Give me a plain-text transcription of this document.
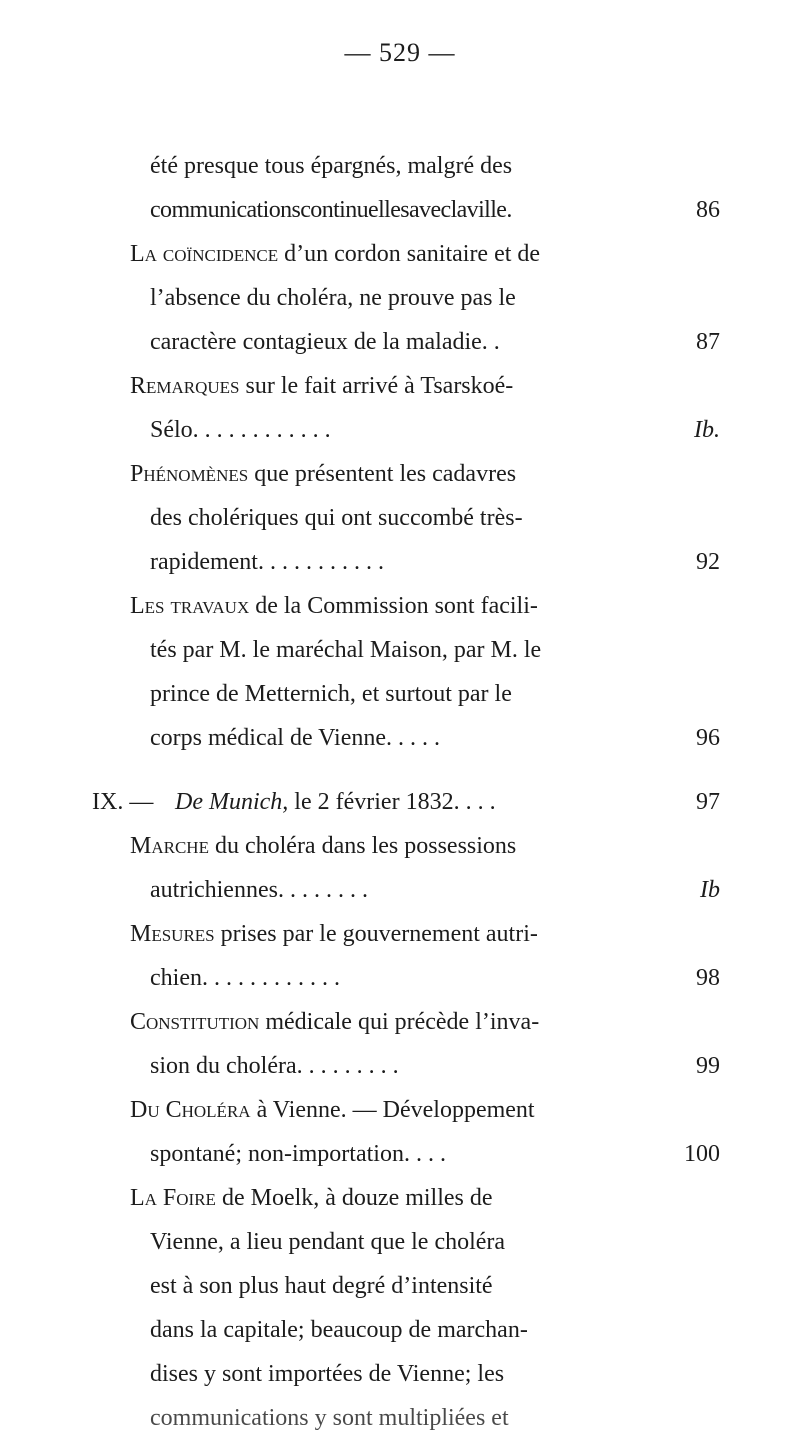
— 529 —
été presque tous épargnés, malgré des
communicationscontinuellesaveclaville.	86
La coïncidence d’un cordon sanitaire et de
l’absence du choléra, ne prouve pas le
caractère contagieux de la maladie. .	87
Remarques sur le fait arrivé à Tsarskoé-
Sélo. . . . . . . . . . . .	Ib.
Phénomènes que présentent les cadavres
des cholériques qui ont succombé très-
rapidement. . . . . . . . . . .	92
Les travaux de la Commission sont facili-
tés par M. le maréchal Maison, par M. le
prince de Metternich, et surtout par le
corps médical de Vienne. . . . .	96
IX. — De Munich, le 2 février 1832. . . .	97
Marche du choléra dans les possessions
autrichiennes. . . . . . . .	Ib
Mesures prises par le gouvernement autri-
chien. . . . . . . . . . . .	98
Constitution médicale qui précède l’inva-
sion du choléra. . . . . . . . .	99
Du Choléra à Vienne. — Développement
spontané; non-importation. . . .	100
La Foire de Moelk, à douze milles de
Vienne, a lieu pendant que le choléra
est à son plus haut degré d’intensité
dans la capitale; beaucoup de marchan-
dises y sont importées de Vienne; les
communications y sont multipliées et
